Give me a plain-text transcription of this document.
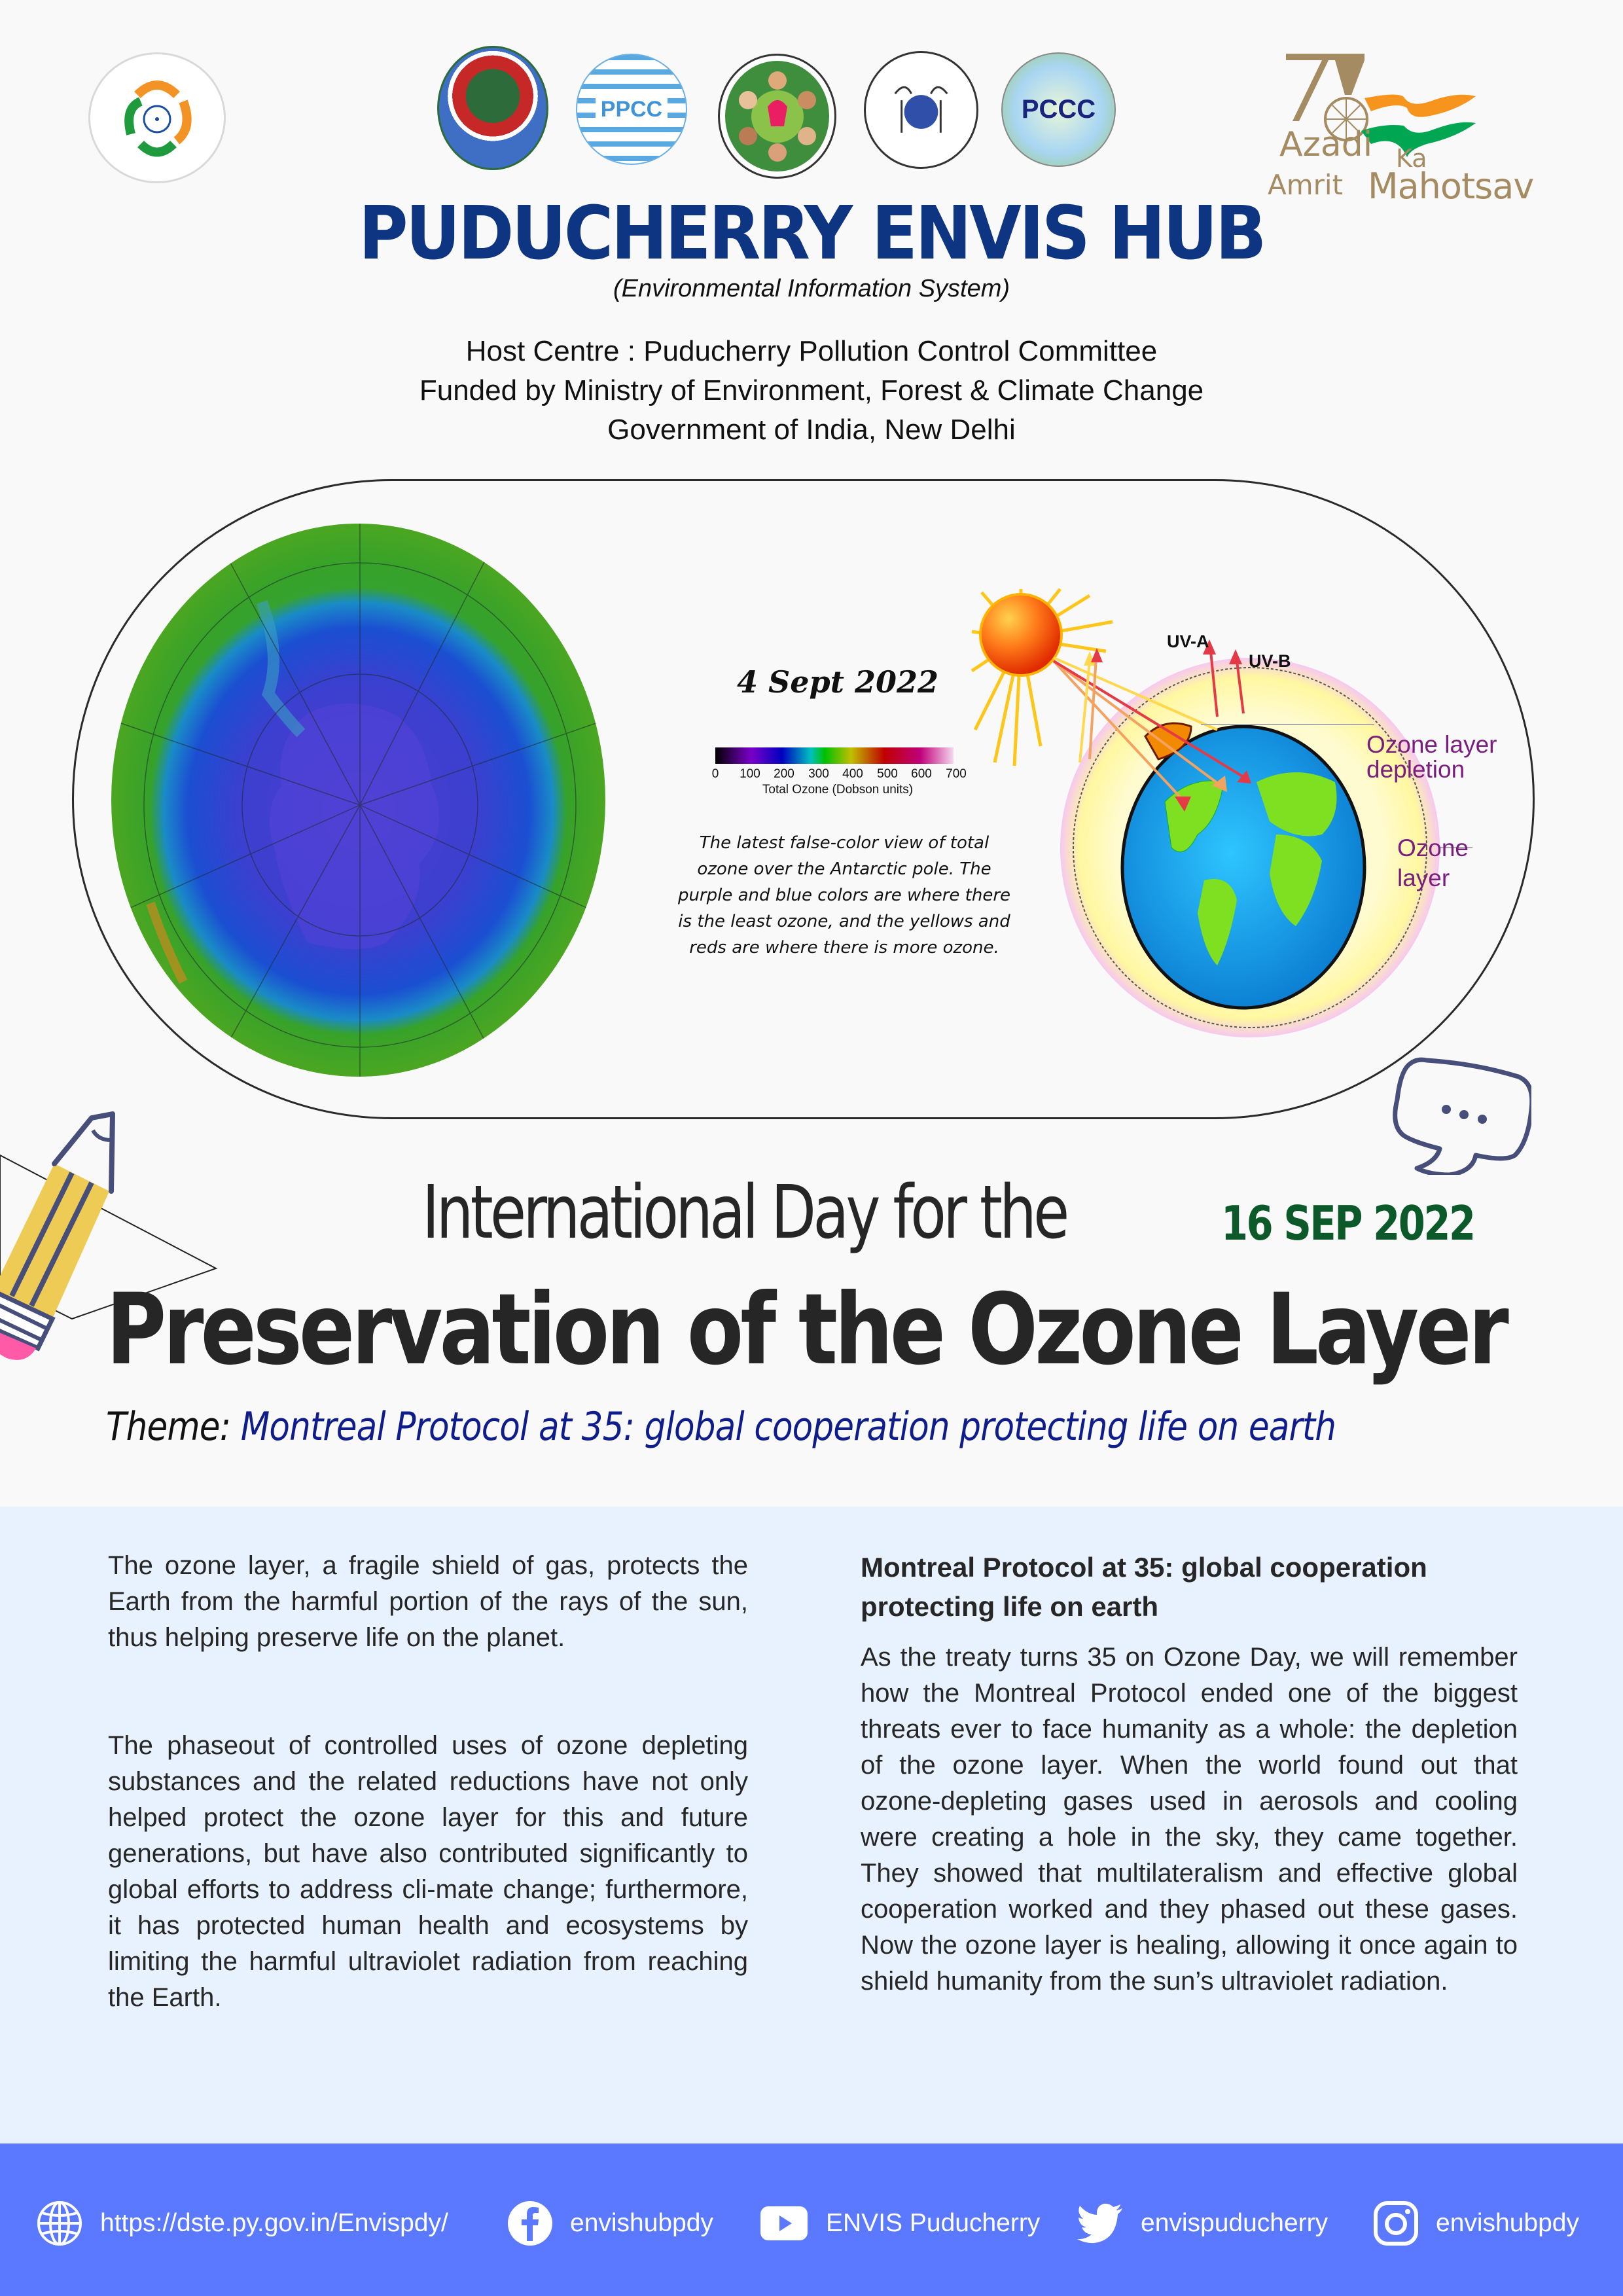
PPCC	PCCC
Azadi Ka
Amrit Mahotsav
PUDUCHERRY ENVIS HUB
(Environmental Information System)
Host Centre : Puducherry Pollution Control Committee
Funded by Ministry of Environment, Forest & Climate Change
Government of India, New Delhi
4 Sept 2022
0 100 200 300 400 500 600 700
Total Ozone (Dobson units)
The latest false-color view of total ozone over the Antarctic pole. The purple and blue colors are where there is the least ozone, and the yellows and reds are where there is more ozone.
UV-A
UV-B
Ozone layer
depletion
Ozone
layer
International Day for the	16 SEP 2022
Preservation of the Ozone Layer
Theme: Montreal Protocol at 35: global cooperation protecting life on earth

The ozone layer, a fragile shield of gas, protects the Earth from the harmful portion of the rays of the sun, thus helping preserve life on the planet.

The phaseout of controlled uses of ozone depleting substances and the related reductions have not only helped protect the ozone layer for this and future generations, but have also contributed significantly to global efforts to address cli-mate change; furthermore, it has protected human health and ecosystems by limiting the harmful ultraviolet radiation from reaching the Earth.

Montreal Protocol at 35: global cooperation protecting life on earth

As the treaty turns 35 on Ozone Day, we will remember how the Montreal Protocol ended one of the biggest threats ever to face humanity as a whole: the depletion of the ozone layer. When the world found out that ozone-depleting gases used in aerosols and cooling were creating a hole in the sky, they came together. They showed that multilateralism and effective global cooperation worked and they phased out these gases. Now the ozone layer is healing, allowing it once again to shield humanity from the sun’s ultraviolet radiation.

https://dste.py.gov.in/Envispdy/	envishubpdy	ENVIS Puducherry	envispuducherry	envishubpdy
